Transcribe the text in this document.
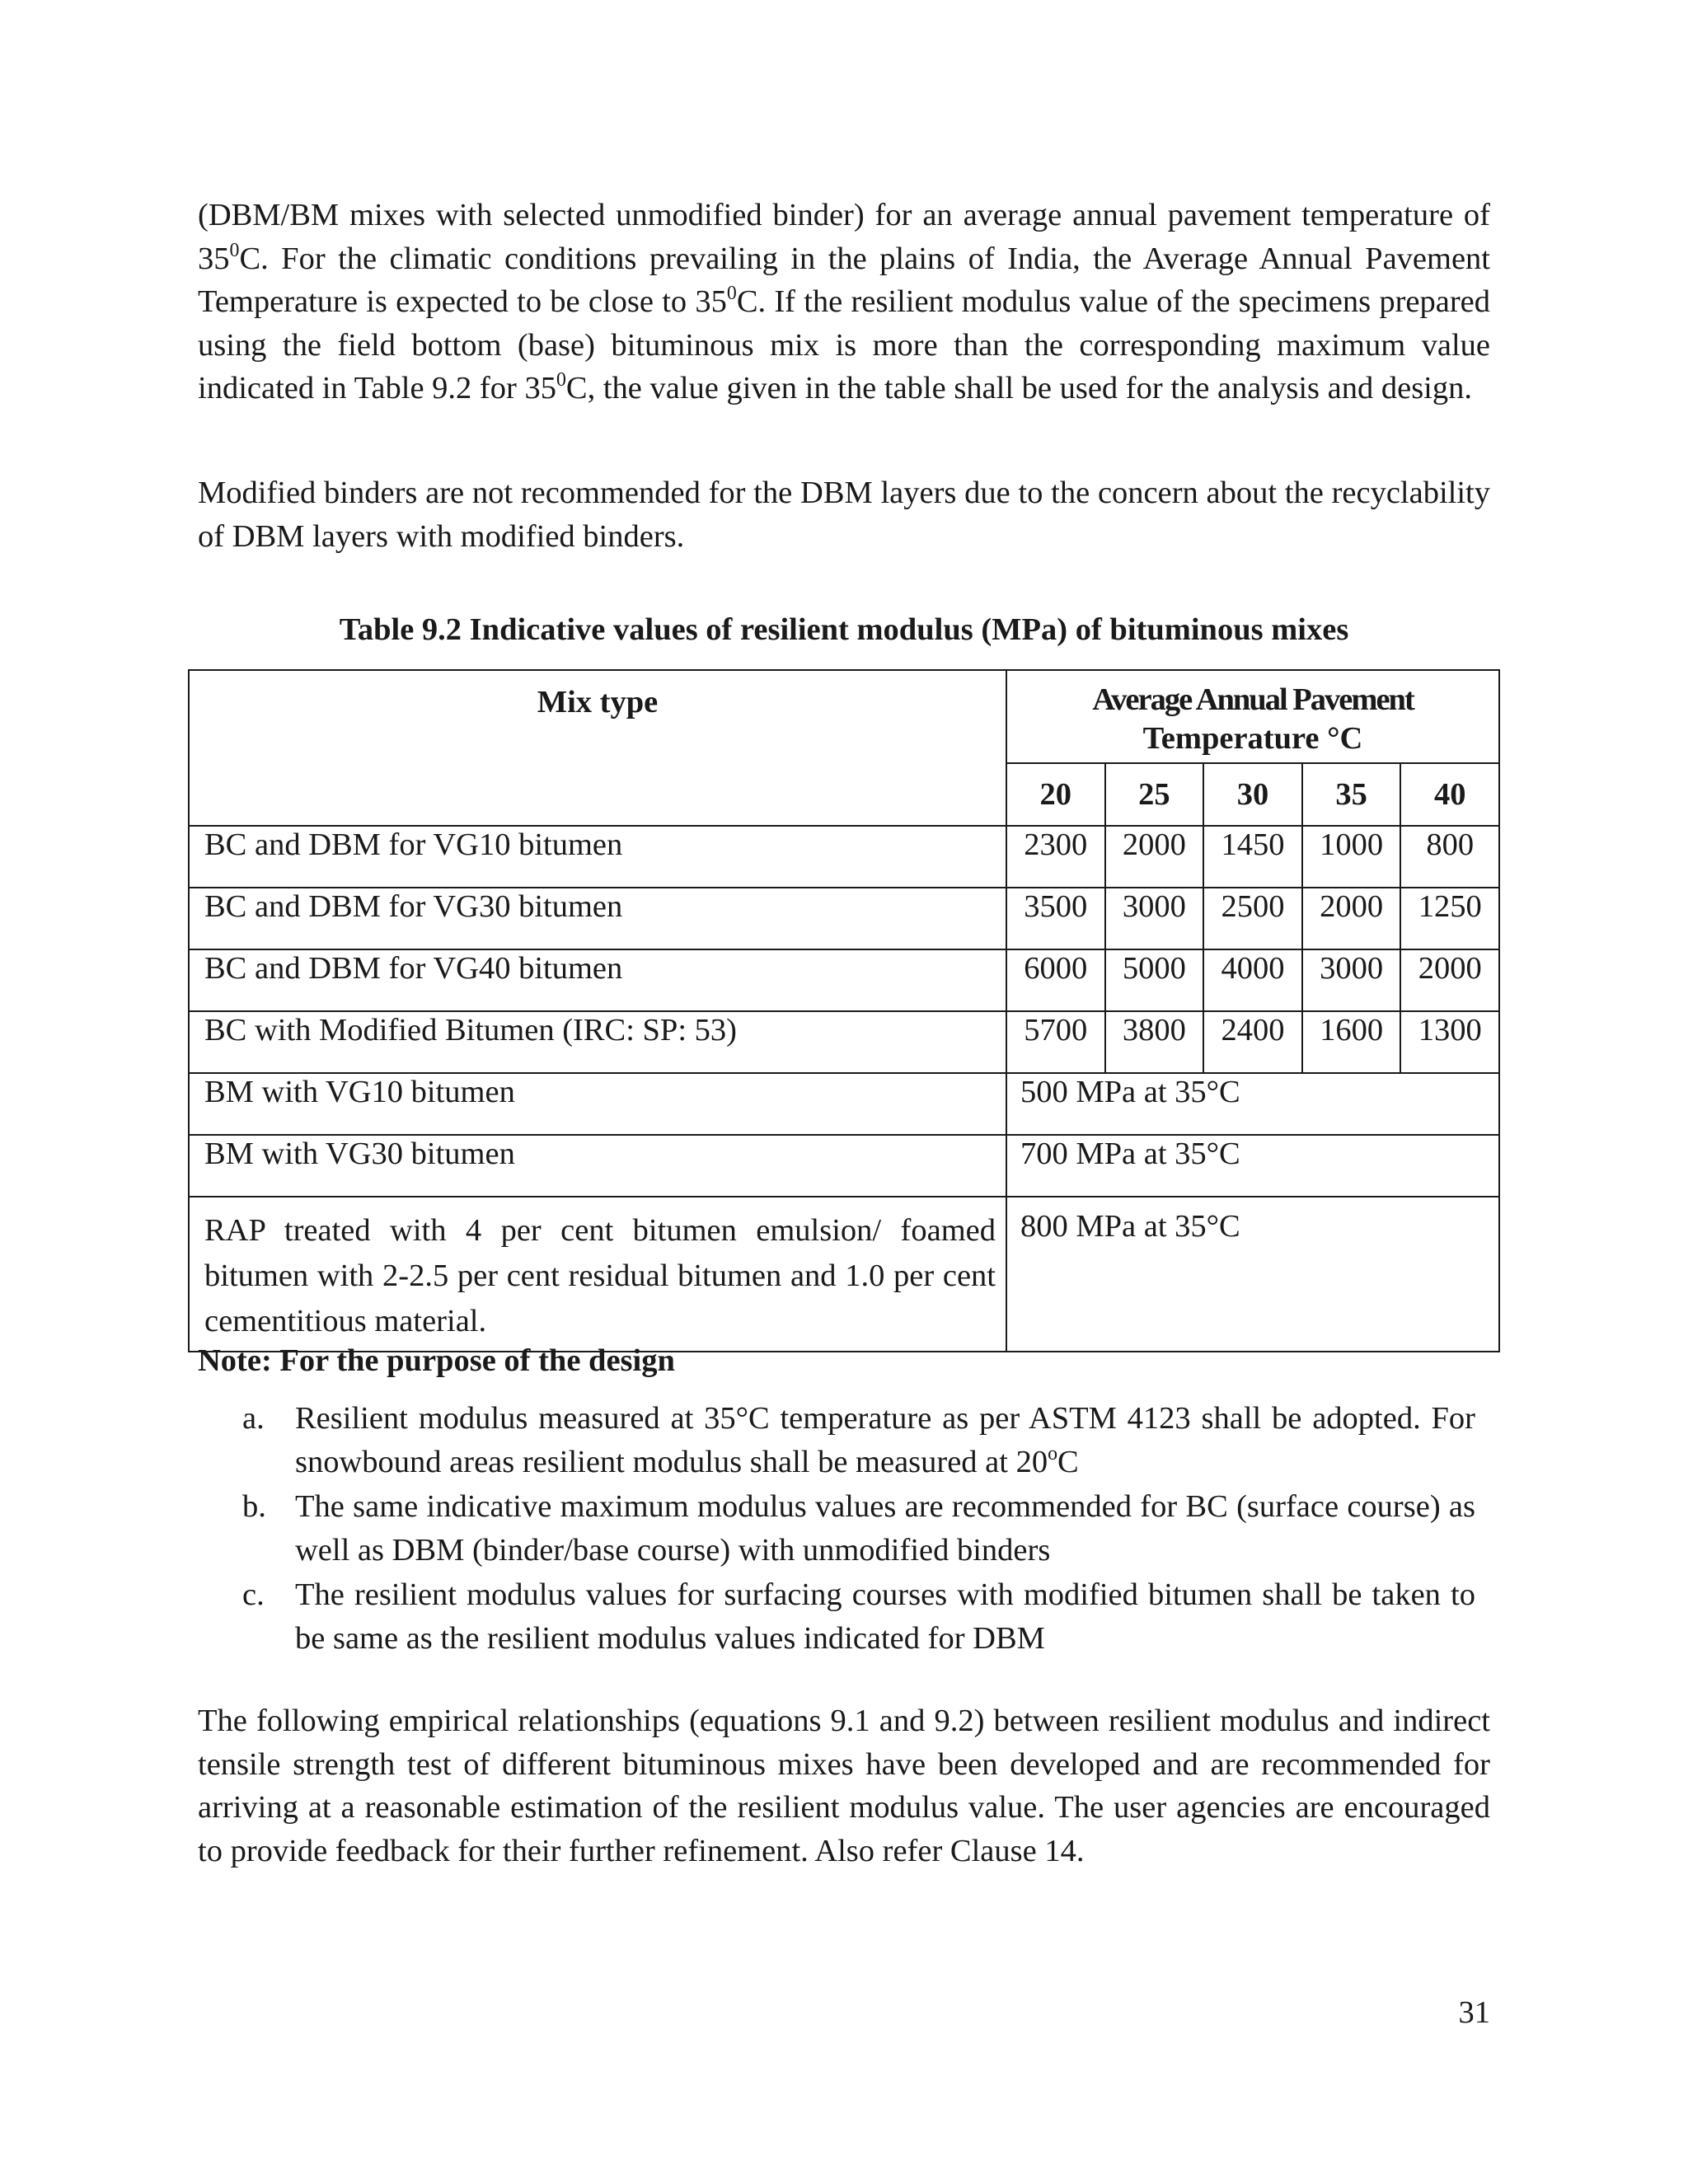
(DBM/BM mixes with selected unmodified binder) for an average annual pavement temperature of $35^0C$. For the climatic conditions prevailing in the plains of India, the Average Annual Pavement Temperature is expected to be close to $35^0C$. If the resilient modulus value of the specimens prepared using the field bottom (base) bituminous mix is more than the corresponding maximum value indicated in Table 9.2 for $35^0C$, the value given in the table shall be used for the analysis and design.

Modified binders are not recommended for the DBM layers due to the concern about the recyclability of DBM layers with modified binders.

Table 9.2 Indicative values of resilient modulus (MPa) of bituminous mixes
Mix type	Average Annual Pavement
Temperature °C				
	20	25	30	35	40
BC and DBM for VG10 bitumen	2300	2000	1450	1000	800
BC and DBM for VG30 bitumen	3500	3000	2500	2000	1250
BC and DBM for VG40 bitumen	6000	5000	4000	3000	2000
BC with Modified Bitumen (IRC: SP: 53)	5700	3800	2400	1600	1300
BM with VG10 bitumen	500 MPa at 35°C				
BM with VG30 bitumen	700 MPa at 35°C				
RAP treated with 4 per cent bitumen emulsion/ foamed bitumen with 2-2.5 per cent residual bitumen and 1.0 per cent cementitious material.	800 MPa at 35°C				
Note: For the purpose of the design
a. Resilient modulus measured at 35°C temperature as per ASTM 4123 shall be adopted. For snowbound areas resilient modulus shall be measured at 20$^o$C
b. The same indicative maximum modulus values are recommended for BC (surface course) as well as DBM (binder/base course) with unmodified binders
c. The resilient modulus values for surfacing courses with modified bitumen shall be taken to be same as the resilient modulus values indicated for DBM

The following empirical relationships (equations 9.1 and 9.2) between resilient modulus and indirect tensile strength test of different bituminous mixes have been developed and are recommended for arriving at a reasonable estimation of the resilient modulus value. The user agencies are encouraged to provide feedback for their further refinement. Also refer Clause 14.

31
